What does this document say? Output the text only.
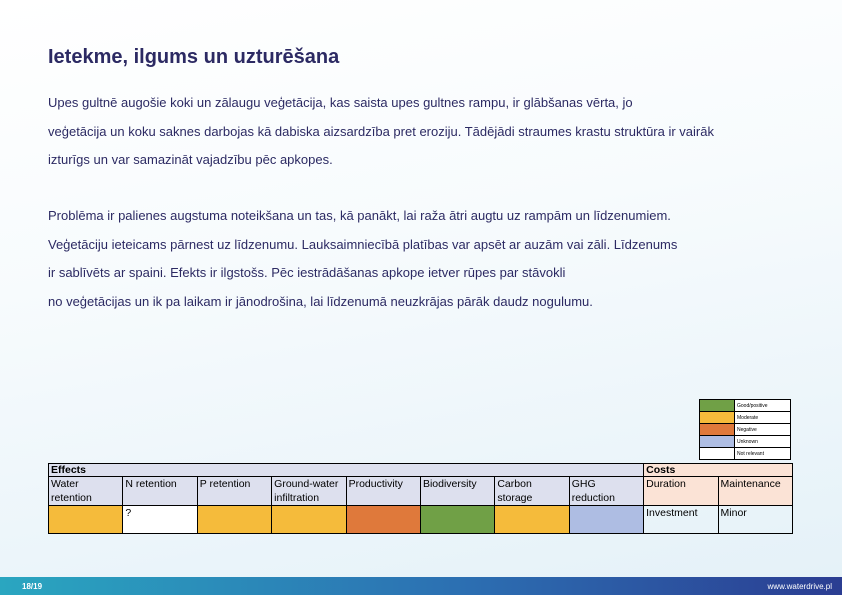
Ietekme, ilgums un uzturēšana
Upes gultnē augošie koki un zālaugu veģetācija, kas saista upes gultnes rampu, ir glābšanas vērta, jo
veģetācija un koku saknes darbojas kā dabiska aizsardzība pret eroziju. Tādējādi straumes krastu struktūra ir vairāk
izturīgs un var samazināt vajadzību pēc apkopes.
Problēma ir palienes augstuma noteikšana un tas, kā panākt, lai raža ātri augtu uz rampām un līdzenumiem.
Veģetāciju ieteicams pārnest uz līdzenumu. Lauksaimniecībā platības var apsēt ar auzām vai zāli. Līdzenums
ir sablīvēts ar spaini. Efekts ir ilgstošs. Pēc iestrādāšanas apkope ietver rūpes par stāvokli
no veģetācijas un ik pa laikam ir jānodrošina, lai līdzenumā neuzkrājas pārāk daudz nogulumu.
	Good/positive
	Moderate
	Negative
	Unknown
	Not relevant
Effects								Costs	
Water retention	N retention	P retention	Ground-water infiltration	Productivity	Biodiversity	Carbon storage	GHG reduction	Duration	Maintenance
	?							Investment	Minor
18/19	www.waterdrive.pl
